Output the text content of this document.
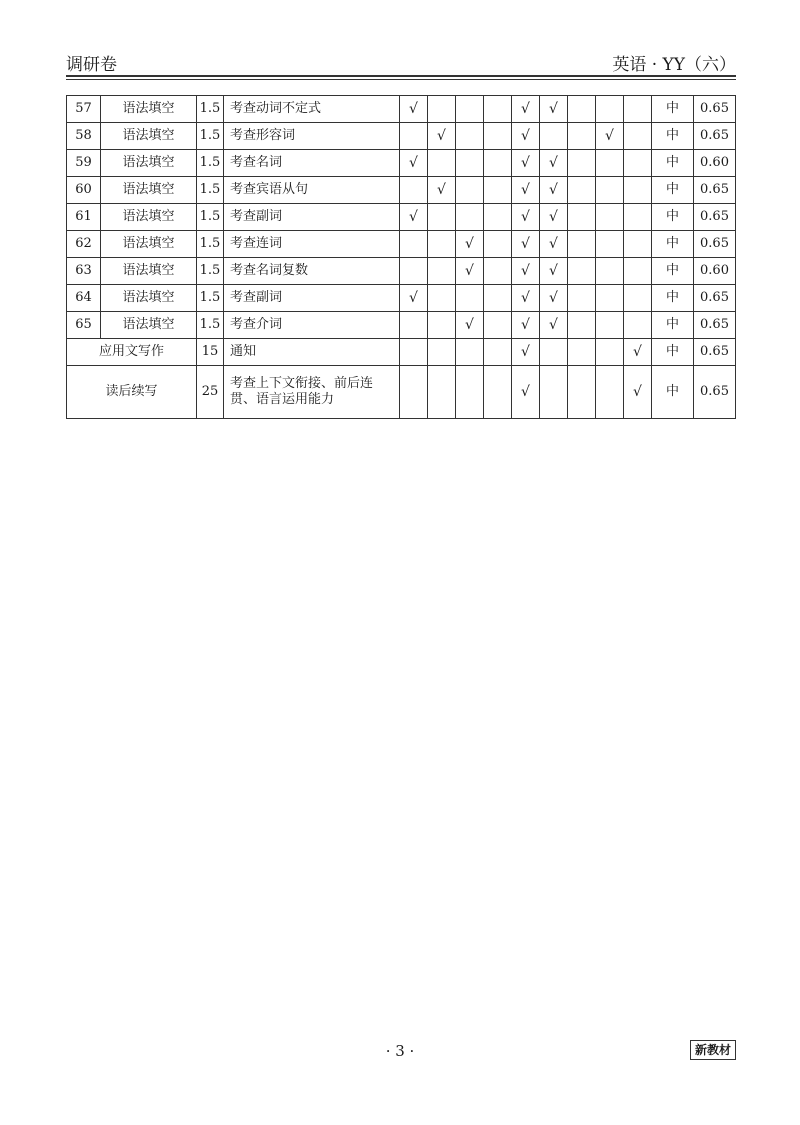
调研卷	英语 · YY（六）
57	语法填空	1.5	考查动词不定式	√				√	√				中	0.65
58	语法填空	1.5	考查形容词		√			√			√		中	0.65
59	语法填空	1.5	考查名词	√				√	√				中	0.60
60	语法填空	1.5	考查宾语从句		√			√	√				中	0.65
61	语法填空	1.5	考查副词	√				√	√				中	0.65
62	语法填空	1.5	考查连词			√		√	√				中	0.65
63	语法填空	1.5	考查名词复数			√		√	√				中	0.60
64	语法填空	1.5	考查副词	√				√	√				中	0.65
65	语法填空	1.5	考查介词			√		√	√				中	0.65
应用文写作		15	通知					√				√	中	0.65
读后续写		25	考查上下文衔接、前后连贯、语言运用能力					√				√	中	0.65
· 3 ·	新教材
